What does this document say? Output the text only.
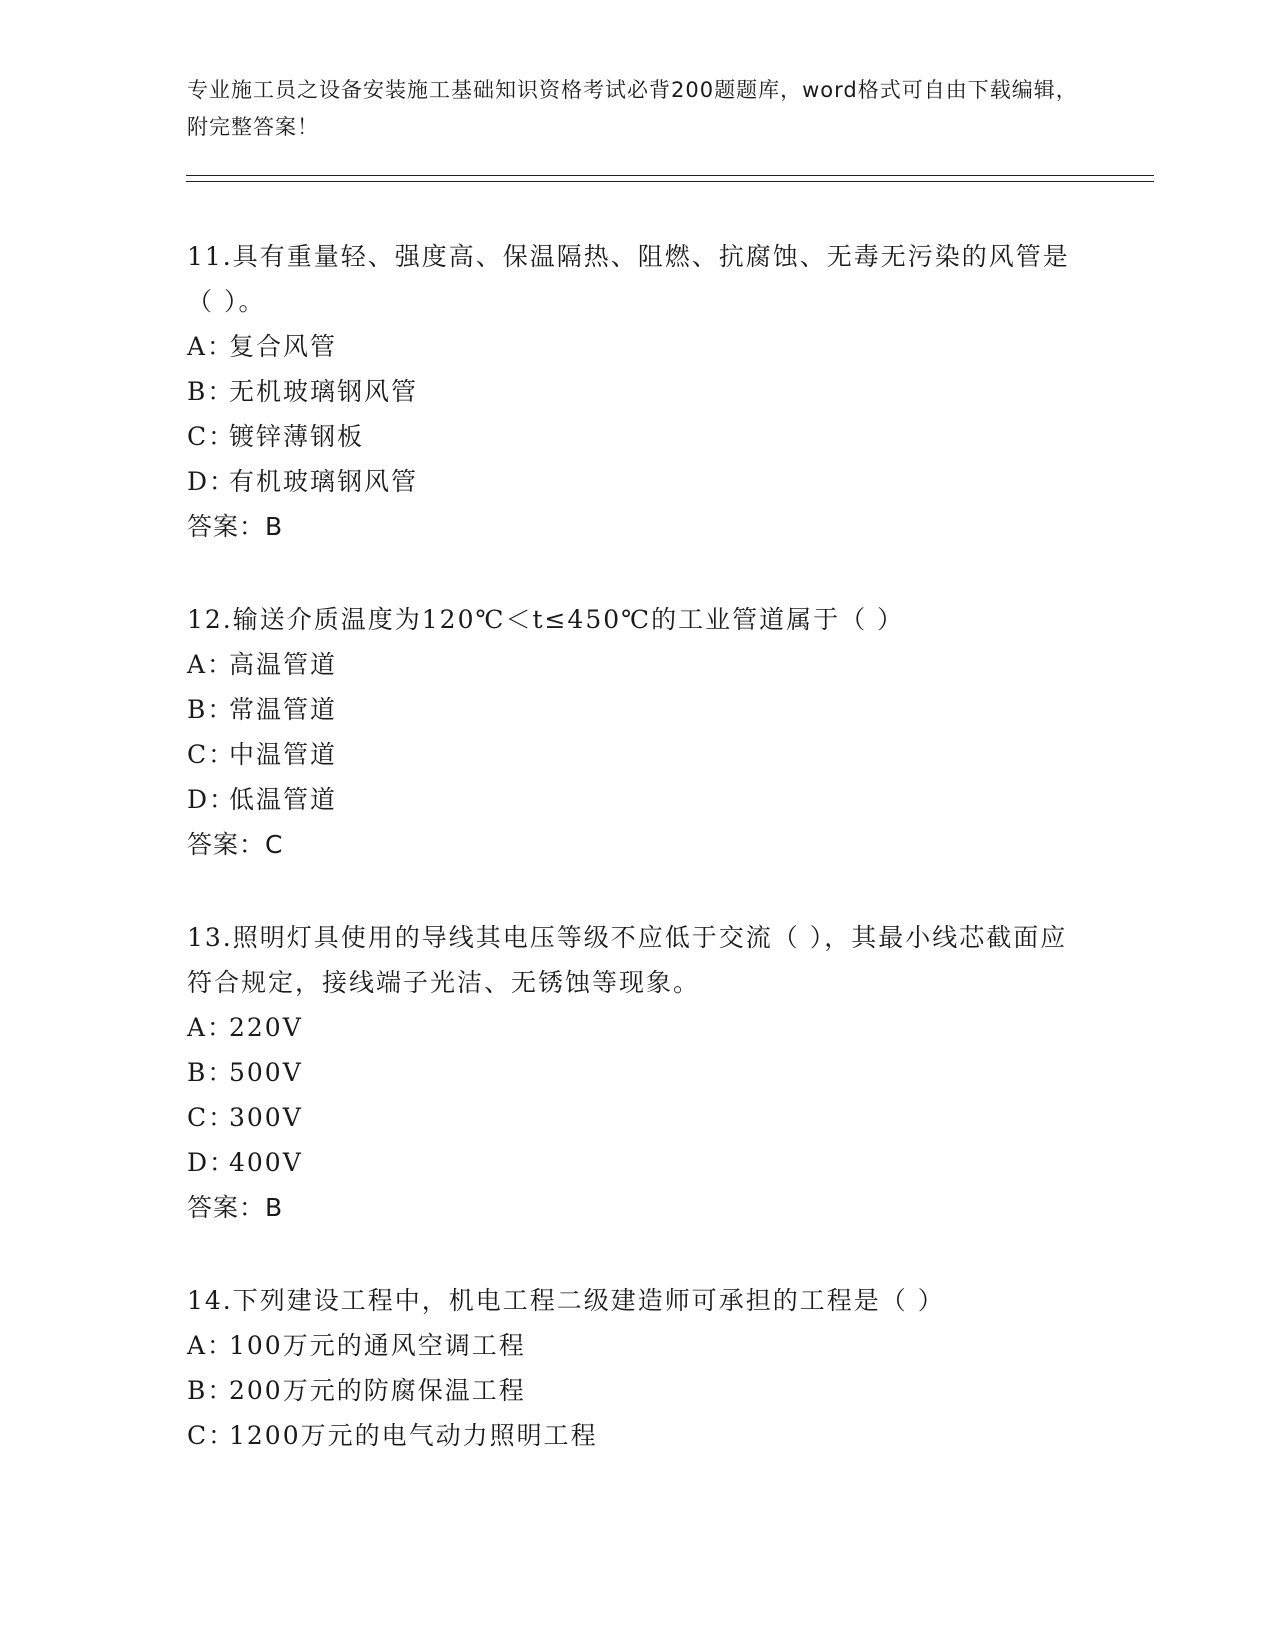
专业施工员之设备安装施工基础知识资格考试必背200题题库，word格式可自由下载编辑，附完整答案！

11.具有重量轻、强度高、保温隔热、阻燃、抗腐蚀、无毒无污染的风管是（ ）。

A：复合风管
B：无机玻璃钢风管
C：镀锌薄钢板
D：有机玻璃钢风管
答案：B

12.输送介质温度为120℃＜t≤450℃的工业管道属于（ ）

A：高温管道
B：常温管道
C：中温管道
D：低温管道
答案：C

13.照明灯具使用的导线其电压等级不应低于交流（ ），其最小线芯截面应符合规定，接线端子光洁、无锈蚀等现象。

A：220V
B：500V
C：300V
D：400V
答案：B

14.下列建设工程中，机电工程二级建造师可承担的工程是（ ）

A：100万元的通风空调工程
B：200万元的防腐保温工程
C：1200万元的电气动力照明工程
